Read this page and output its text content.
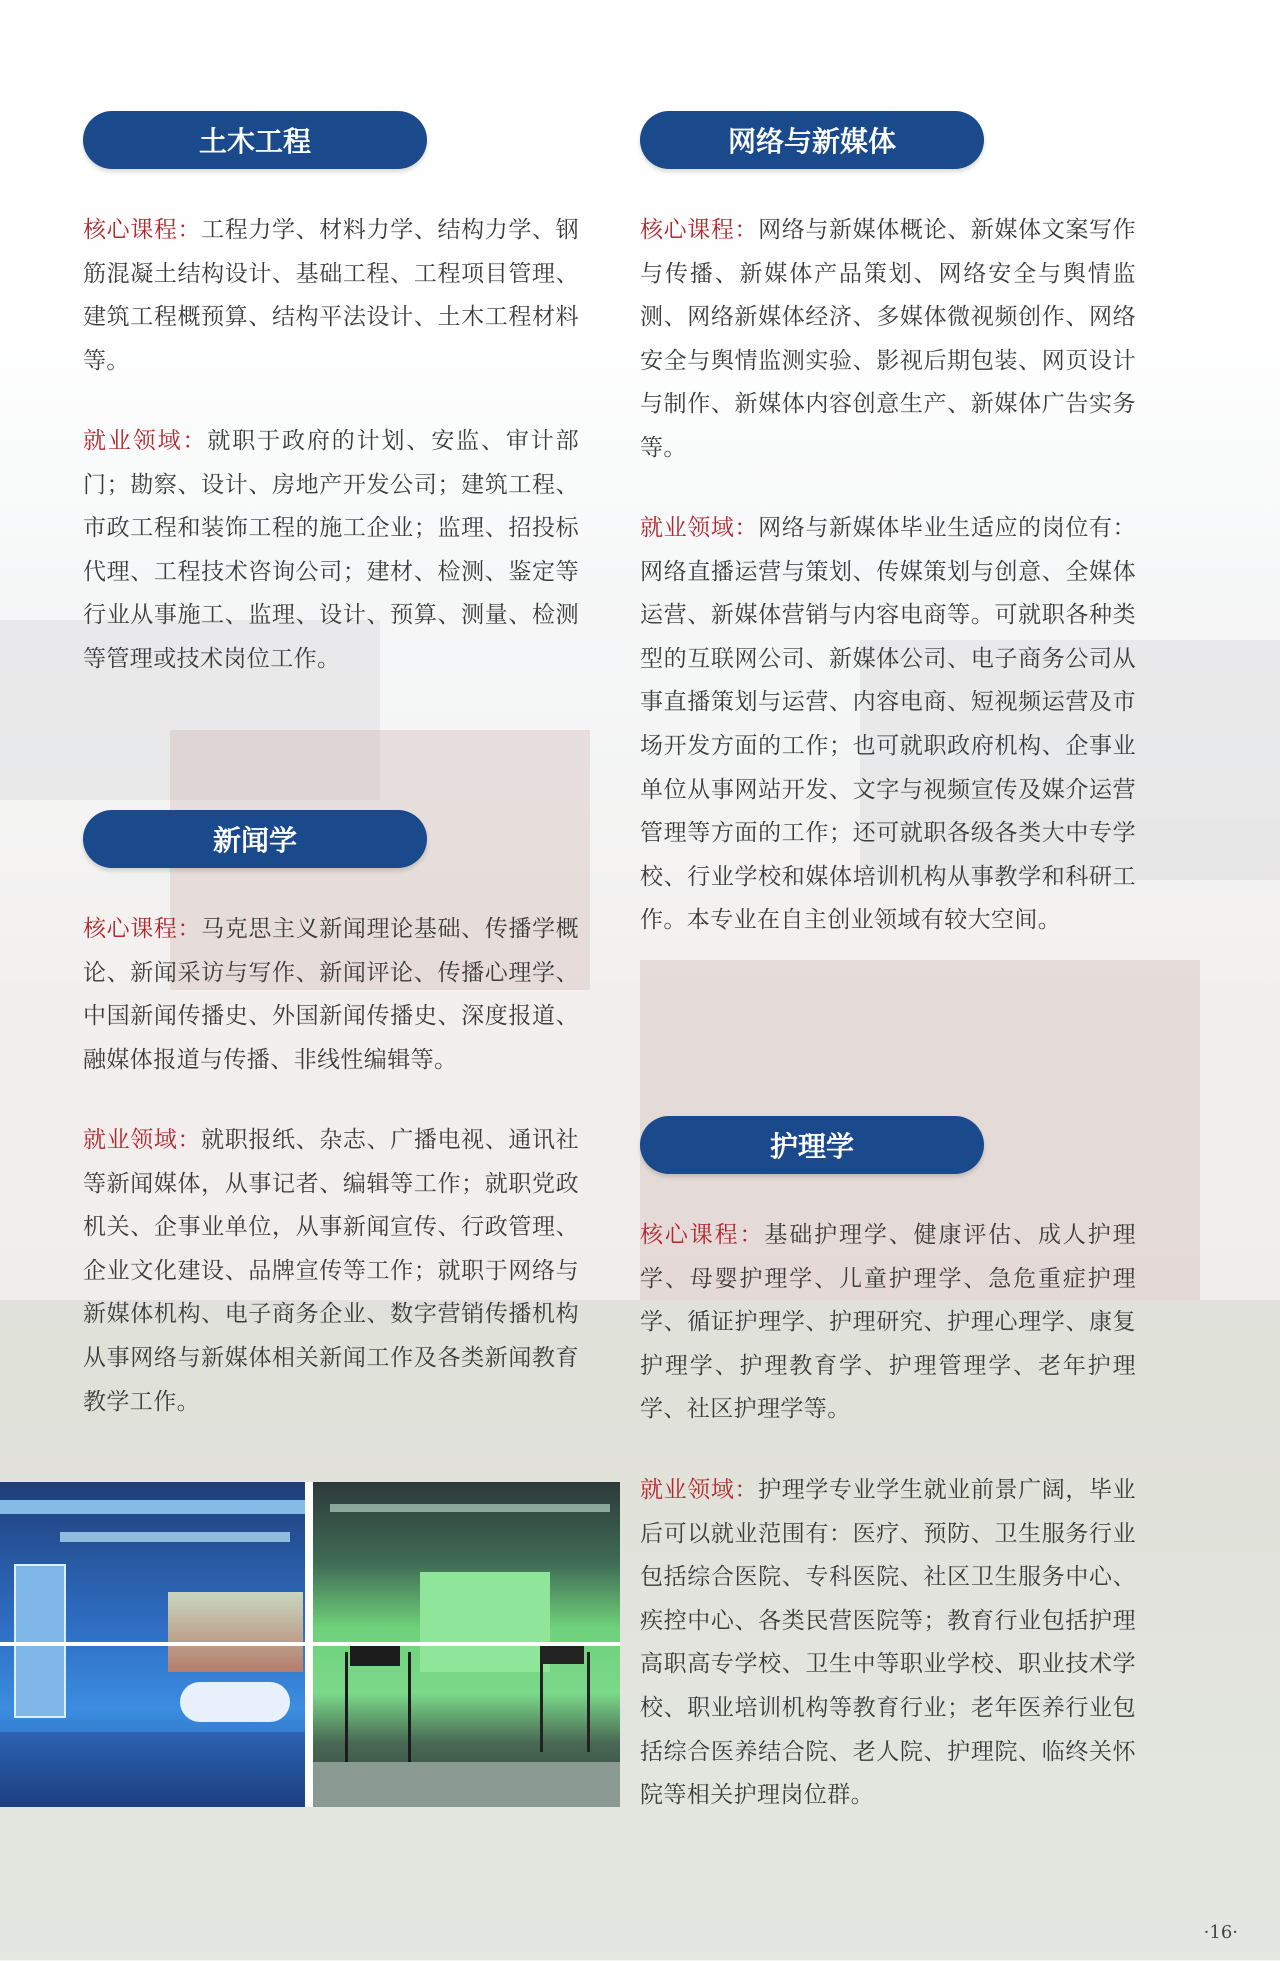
土木工程
核心课程：工程力学、材料力学、结构力学、钢筋混凝土结构设计、基础工程、工程项目管理、建筑工程概预算、结构平法设计、土木工程材料等。
就业领域：就职于政府的计划、安监、审计部门；勘察、设计、房地产开发公司；建筑工程、市政工程和装饰工程的施工企业；监理、招投标代理、工程技术咨询公司；建材、检测、鉴定等行业从事施工、监理、设计、预算、测量、检测等管理或技术岗位工作。
新闻学
核心课程：马克思主义新闻理论基础、传播学概论、新闻采访与写作、新闻评论、传播心理学、中国新闻传播史、外国新闻传播史、深度报道、融媒体报道与传播、非线性编辑等。
就业领域：就职报纸、杂志、广播电视、通讯社等新闻媒体，从事记者、编辑等工作；就职党政机关、企事业单位，从事新闻宣传、行政管理、企业文化建设、品牌宣传等工作；就职于网络与新媒体机构、电子商务企业、数字营销传播机构从事网络与新媒体相关新闻工作及各类新闻教育教学工作。
网络与新媒体
核心课程：网络与新媒体概论、新媒体文案写作与传播、新媒体产品策划、网络安全与舆情监测、网络新媒体经济、多媒体微视频创作、网络安全与舆情监测实验、影视后期包装、网页设计与制作、新媒体内容创意生产、新媒体广告实务等。
就业领域：网络与新媒体毕业生适应的岗位有：网络直播运营与策划、传媒策划与创意、全媒体运营、新媒体营销与内容电商等。可就职各种类型的互联网公司、新媒体公司、电子商务公司从事直播策划与运营、内容电商、短视频运营及市场开发方面的工作；也可就职政府机构、企事业单位从事网站开发、文字与视频宣传及媒介运营管理等方面的工作；还可就职各级各类大中专学校、行业学校和媒体培训机构从事教学和科研工作。本专业在自主创业领域有较大空间。
护理学
核心课程：基础护理学、健康评估、成人护理学、母婴护理学、儿童护理学、急危重症护理学、循证护理学、护理研究、护理心理学、康复护理学、护理教育学、护理管理学、老年护理学、社区护理学等。
就业领域：护理学专业学生就业前景广阔，毕业后可以就业范围有：医疗、预防、卫生服务行业包括综合医院、专科医院、社区卫生服务中心、疾控中心、各类民营医院等；教育行业包括护理高职高专学校、卫生中等职业学校、职业技术学校、职业培训机构等教育行业；老年医养行业包括综合医养结合院、老人院、护理院、临终关怀院等相关护理岗位群。
·16·
